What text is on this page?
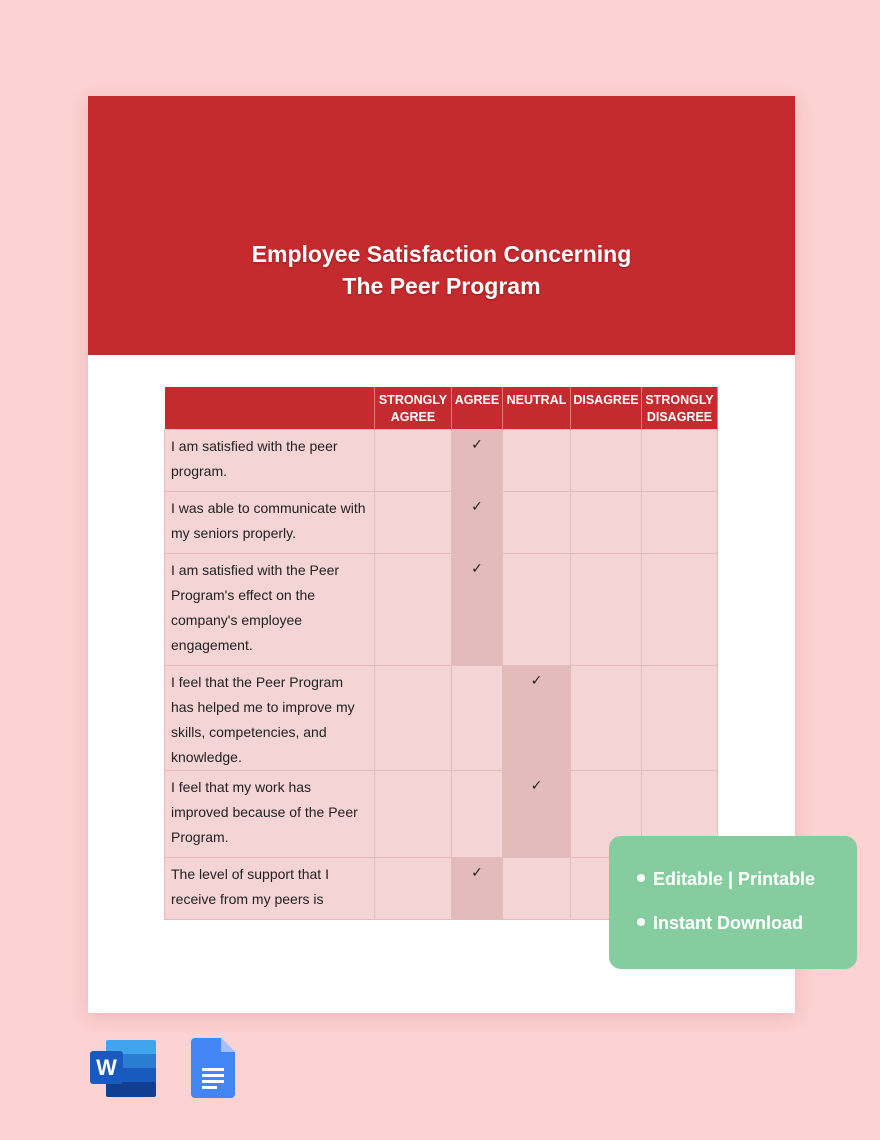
Employee Satisfaction Concerning
The Peer Program
	STRONGLY AGREE	AGREE	NEUTRAL	DISAGREE	STRONGLY DISAGREE
I am satisfied with the peer program.		✓			
I was able to communicate with my seniors properly.		✓			
I am satisfied with the Peer Program's effect on the company's employee engagement.		✓			
I feel that the Peer Program has helped me to improve my skills, competencies, and knowledge.			✓		
I feel that my work has improved because of the Peer Program.			✓		
The level of support that I receive from my peers is		✓				Editable | Printable
Instant Download
W
